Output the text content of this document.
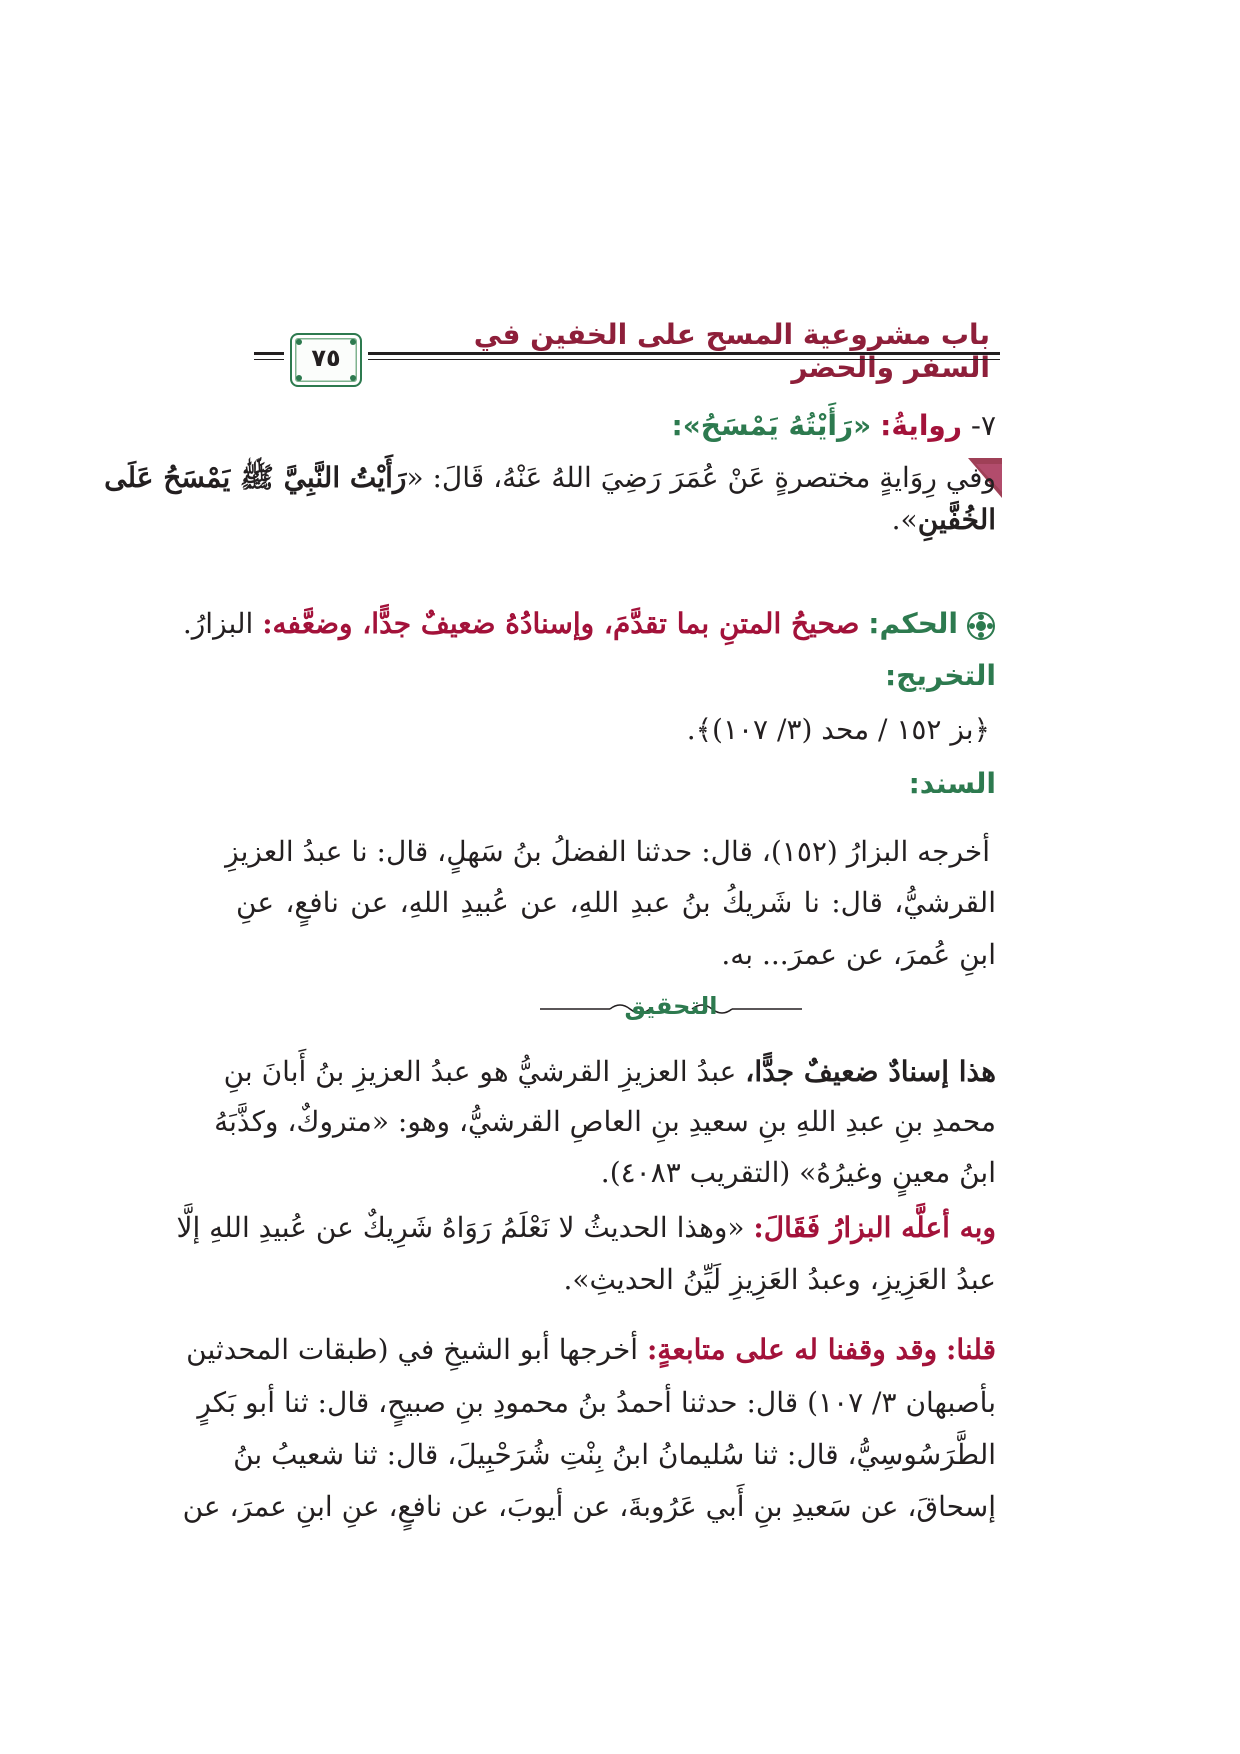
باب مشروعية المسح على الخفين في السفر والحضر
٧٥
٧- روايةُ: «رَأَيْتُهُ يَمْسَحُ»:
وفي رِوَايةٍ مختصرةٍ عَنْ عُمَرَ رَضِيَ اللهُ عَنْهُ، قَالَ: «رَأَيْتُ النَّبِيَّ ﷺ يَمْسَحُ عَلَى
الخُفَّينِ».
الحكم: صحيحُ المتنِ بما تقدَّمَ، وإسنادُهُ ضعيفٌ جدًّا، وضعَّفه: البزارُ.
التخريج:
﴿بز ١٥٢ / محد (٣/ ١٠٧)﴾.
السند:
أخرجه البزارُ (١٥٢)، قال: حدثنا الفضلُ بنُ سَهلٍ، قال: نا عبدُ العزيزِ
القرشيُّ، قال: نا شَريكُ بنُ عبدِ اللهِ، عن عُبيدِ اللهِ، عن نافعٍ، عنِ
ابنِ عُمرَ، عن عمرَ... به.
التحقيق
هذا إسنادٌ ضعيفٌ جدًّا، عبدُ العزيزِ القرشيُّ هو عبدُ العزيزِ بنُ أَبانَ بنِ
محمدِ بنِ عبدِ اللهِ بنِ سعيدِ بنِ العاصِ القرشيُّ، وهو: «متروكٌ، وكذَّبَهُ
ابنُ معينٍ وغيرُهُ» (التقريب ٤٠٨٣).
وبه أعلَّه البزارُ فَقَالَ: «وهذا الحديثُ لا نَعْلَمُ رَوَاهُ شَرِيكٌ عن عُبيدِ اللهِ إلَّا
عبدُ العَزِيزِ، وعبدُ العَزِيزِ لَيِّنُ الحديثِ».
قلنا: وقد وقفنا له على متابعةٍ: أخرجها أبو الشيخِ في (طبقات المحدثين
بأصبهان ٣/ ١٠٧) قال: حدثنا أحمدُ بنُ محمودِ بنِ صبيحٍ، قال: ثنا أبو بَكرٍ
الطَّرَسُوسِيُّ، قال: ثنا سُليمانُ ابنُ بِنْتِ شُرَحْبِيلَ، قال: ثنا شعيبُ بنُ
إسحاقَ، عن سَعيدِ بنِ أَبي عَرُوبةَ، عن أيوبَ، عن نافعٍ، عنِ ابنِ عمرَ، عن
